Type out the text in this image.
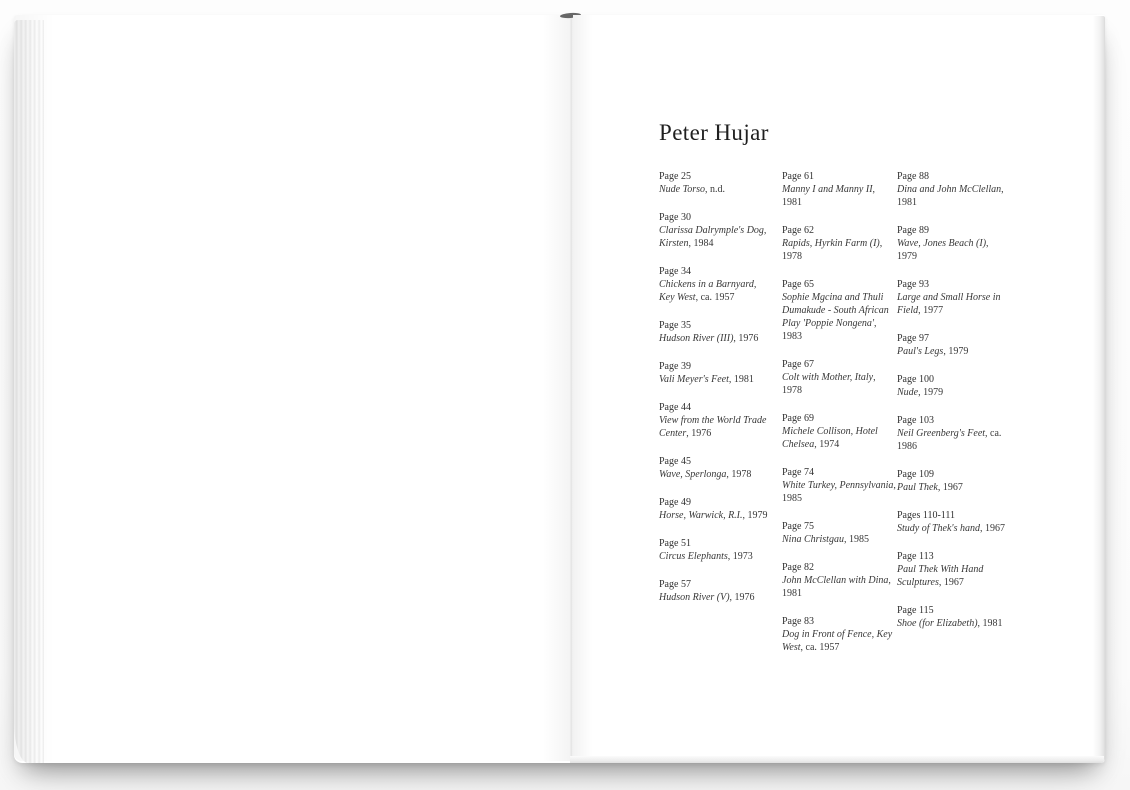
Peter Hujar
Page 25
Nude Torso, n.d.
Page 30
Clarissa Dalrymple's Dog, Kirsten, 1984
Page 34
Chickens in a Barnyard, Key West, ca. 1957
Page 35
Hudson River (III), 1976
Page 39
Vali Meyer's Feet, 1981
Page 44
View from the World Trade Center, 1976
Page 45
Wave, Sperlonga, 1978
Page 49
Horse, Warwick, R.I., 1979
Page 51
Circus Elephants, 1973
Page 57
Hudson River (V), 1976
Page 61
Manny I and Manny II, 1981
Page 62
Rapids, Hyrkin Farm (I), 1978
Page 65
Sophie Mgcina and Thuli Dumakude - South African Play 'Poppie Nongena', 1983
Page 67
Colt with Mother, Italy, 1978
Page 69
Michele Collison, Hotel Chelsea, 1974
Page 74
White Turkey, Pennsylvania, 1985
Page 75
Nina Christgau, 1985
Page 82
John McClellan with Dina, 1981
Page 83
Dog in Front of Fence, Key West, ca. 1957
Page 88
Dina and John McClellan, 1981
Page 89
Wave, Jones Beach (I), 1979
Page 93
Large and Small Horse in Field, 1977
Page 97
Paul's Legs, 1979
Page 100
Nude, 1979
Page 103
Neil Greenberg's Feet, ca. 1986
Page 109
Paul Thek, 1967
Pages 110-111
Study of Thek's hand, 1967
Page 113
Paul Thek With Hand Sculptures, 1967
Page 115
Shoe (for Elizabeth), 1981
